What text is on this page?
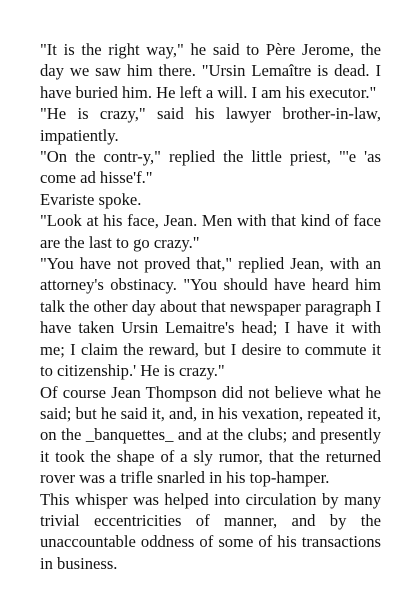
"It is the right way," he said to Père Jerome, the day we saw him there. "Ursin Lemaître is dead. I have buried him. He left a will. I am his executor."

"He is crazy," said his lawyer brother-in-law, impatiently.

"On the contr-y," replied the little priest, "'e 'as come ad hisse'f."

Evariste spoke.

"Look at his face, Jean. Men with that kind of face are the last to go crazy."

"You have not proved that," replied Jean, with an attorney's obstinacy. "You should have heard him talk the other day about that newspaper paragraph I have taken Ursin Lemaitre's head; I have it with me; I claim the reward, but I desire to commute it to citizenship.' He is crazy."

Of course Jean Thompson did not believe what he said; but he said it, and, in his vexation, repeated it, on the _banquettes_ and at the clubs; and presently it took the shape of a sly rumor, that the returned rover was a trifle snarled in his top-hamper.

This whisper was helped into circulation by many trivial eccentricities of manner, and by the unaccountable oddness of some of his transactions in business.
